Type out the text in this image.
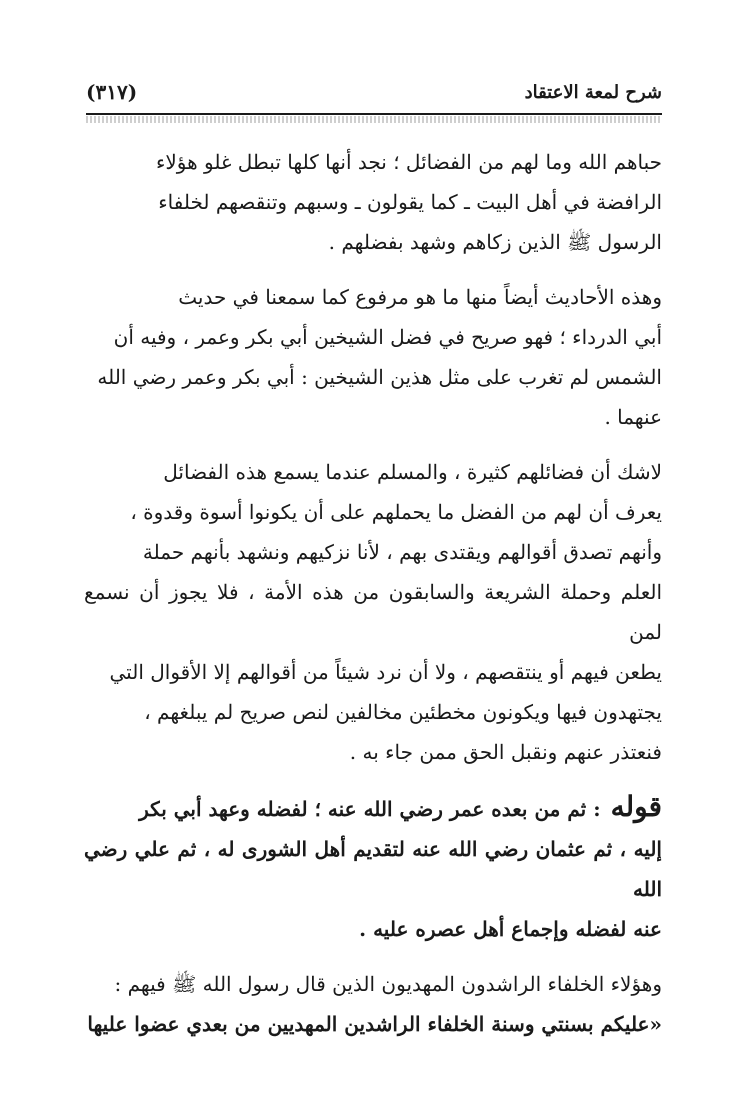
شرح لمعة الاعتقاد
(٣١٧)

حباهم الله وما لهم من الفضائل ؛ نجد أنها كلها تبطل غلو هؤلاء

الرافضة في أهل البيت ـ كما يقولون ـ وسبهم وتنقصهم لخلفاء

الرسول ﷺ الذين زكاهم وشهد بفضلهم .

وهذه الأحاديث أيضاً منها ما هو مرفوع كما سمعنا في حديث

أبي الدرداء ؛ فهو صريح في فضل الشيخين أبي بكر وعمر ، وفيه أن

الشمس لم تغرب على مثل هذين الشيخين : أبي بكر وعمر رضي الله

عنهما .

لاشك أن فضائلهم كثيرة ، والمسلم عندما يسمع هذه الفضائل

يعرف أن لهم من الفضل ما يحملهم على أن يكونوا أسوة وقدوة ،

وأنهم تصدق أقوالهم ويقتدى بهم ، لأنا نزكيهم ونشهد بأنهم حملة

العلم وحملة الشريعة والسابقون من هذه الأمة ، فلا يجوز أن نسمع لمن

يطعن فيهم أو ينتقصهم ، ولا أن نرد شيئاً من أقوالهم إلا الأقوال التي

يجتهدون فيها ويكونون مخطئين مخالفين لنص صريح لم يبلغهم ،

فنعتذر عنهم ونقبل الحق ممن جاء به .

قوله: ثم من بعده عمر رضي الله عنه ؛ لفضله وعهد أبي بكر

إليه ، ثم عثمان رضي الله عنه لتقديم أهل الشورى له ، ثم علي رضي الله

عنه لفضله وإجماع أهل عصره عليه .

وهؤلاء الخلفاء الراشدون المهديون الذين قال رسول الله ﷺ فيهم :

«عليكم بسنتي وسنة الخلفاء الراشدين المهديين من بعدي عضوا عليها
